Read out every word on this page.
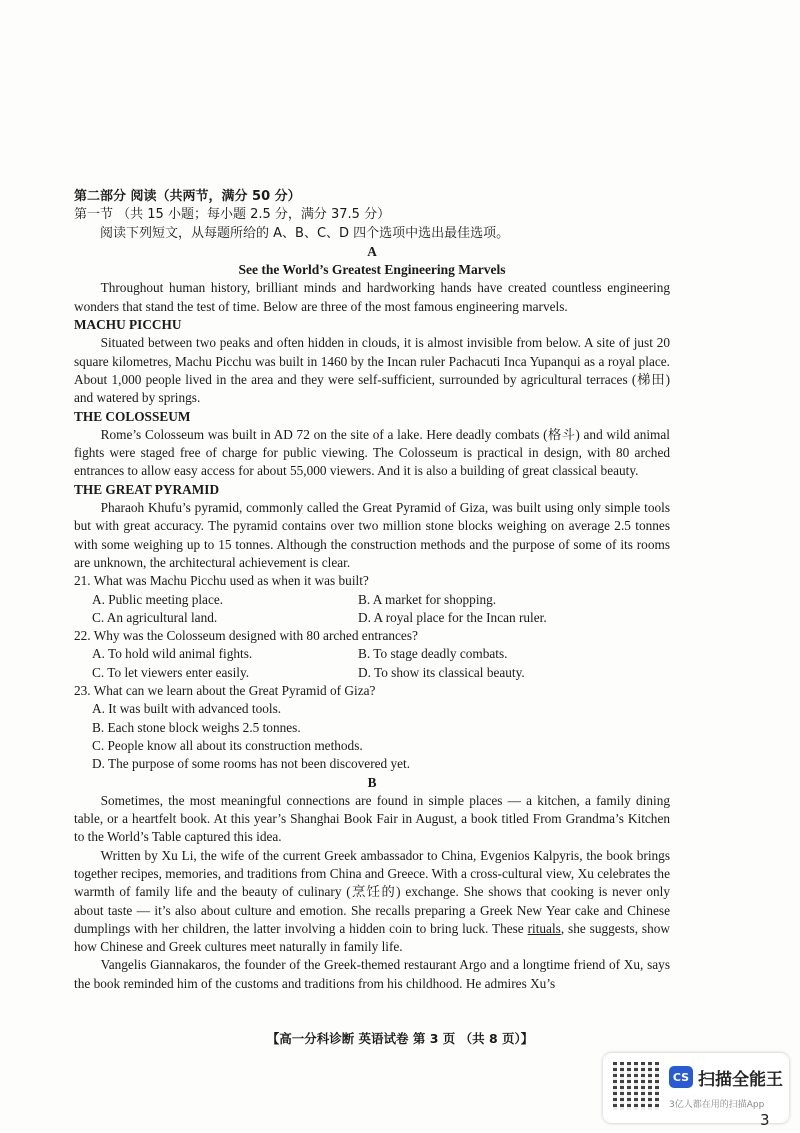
第二部分 阅读（共两节，满分 50 分）

第一节 （共 15 小题；每小题 2.5 分，满分 37.5 分）

阅读下列短文，从每题所给的 A、B、C、D 四个选项中选出最佳选项。

A

See the World’s Greatest Engineering Marvels

Throughout human history, brilliant minds and hardworking hands have created countless engineering wonders that stand the test of time. Below are three of the most famous engineering marvels.

MACHU PICCHU

Situated between two peaks and often hidden in clouds, it is almost invisible from below. A site of just 20 square kilometres, Machu Picchu was built in 1460 by the Incan ruler Pachacuti Inca Yupanqui as a royal place. About 1,000 people lived in the area and they were self-sufficient, surrounded by agricultural terraces (梯田) and watered by springs.

THE COLOSSEUM

Rome’s Colosseum was built in AD 72 on the site of a lake. Here deadly combats (格斗) and wild animal fights were staged free of charge for public viewing. The Colosseum is practical in design, with 80 arched entrances to allow easy access for about 55,000 viewers. And it is also a building of great classical beauty.

THE GREAT PYRAMID

Pharaoh Khufu’s pyramid, commonly called the Great Pyramid of Giza, was built using only simple tools but with great accuracy. The pyramid contains over two million stone blocks weighing on average 2.5 tonnes with some weighing up to 15 tonnes. Although the construction methods and the purpose of some of its rooms are unknown, the architectural achievement is clear.

21. What was Machu Picchu used as when it was built?

A. Public meeting place.	B. A market for shopping.

C. An agricultural land.	D. A royal place for the Incan ruler.

22. Why was the Colosseum designed with 80 arched entrances?

A. To hold wild animal fights.	B. To stage deadly combats.

C. To let viewers enter easily.	D. To show its classical beauty.

23. What can we learn about the Great Pyramid of Giza?

A. It was built with advanced tools.

B. Each stone block weighs 2.5 tonnes.

C. People know all about its construction methods.

D. The purpose of some rooms has not been discovered yet.

B

Sometimes, the most meaningful connections are found in simple places — a kitchen, a family dining table, or a heartfelt book. At this year’s Shanghai Book Fair in August, a book titled From Grandma’s Kitchen to the World’s Table captured this idea.

Written by Xu Li, the wife of the current Greek ambassador to China, Evgenios Kalpyris, the book brings together recipes, memories, and traditions from China and Greece. With a cross-cultural view, Xu celebrates the warmth of family life and the beauty of culinary (烹饪的) exchange. She shows that cooking is never only about taste — it’s also about culture and emotion. She recalls preparing a Greek New Year cake and Chinese dumplings with her children, the latter involving a hidden coin to bring luck. These rituals, she suggests, show how Chinese and Greek cultures meet naturally in family life.

Vangelis Giannakaros, the founder of the Greek-themed restaurant Argo and a longtime friend of Xu, says the book reminded him of the customs and traditions from his childhood. He admires Xu’s

【高一分科诊断 英语试卷 第 3 页 （共 8 页）】
CS 扫描全能王
3亿人都在用的扫描App
3
